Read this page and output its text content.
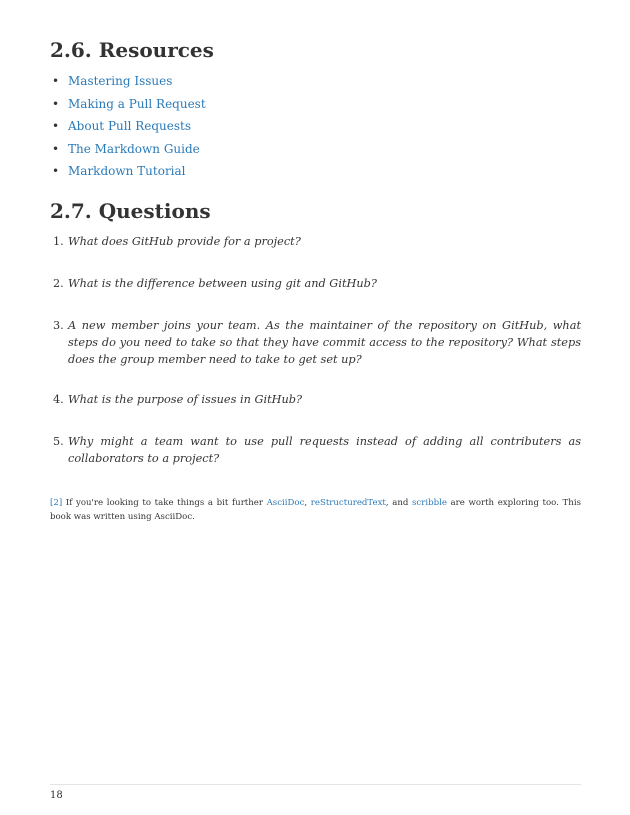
2.6. Resources
• Mastering Issues
• Making a Pull Request
• About Pull Requests
• The Markdown Guide
• Markdown Tutorial
2.7. Questions
1. What does GitHub provide for a project?
2. What is the difference between using git and GitHub?
3. A new member joins your team. As the maintainer of the repository on GitHub, what steps do you need to take so that they have commit access to the repository? What steps does the group member need to take to get set up?
4. What is the purpose of issues in GitHub?
5. Why might a team want to use pull requests instead of adding all contributers as collaborators to a project?
[2] If you're looking to take things a bit further AsciiDoc, reStructuredText, and scribble are worth exploring too. This book was written using AsciiDoc.
18
